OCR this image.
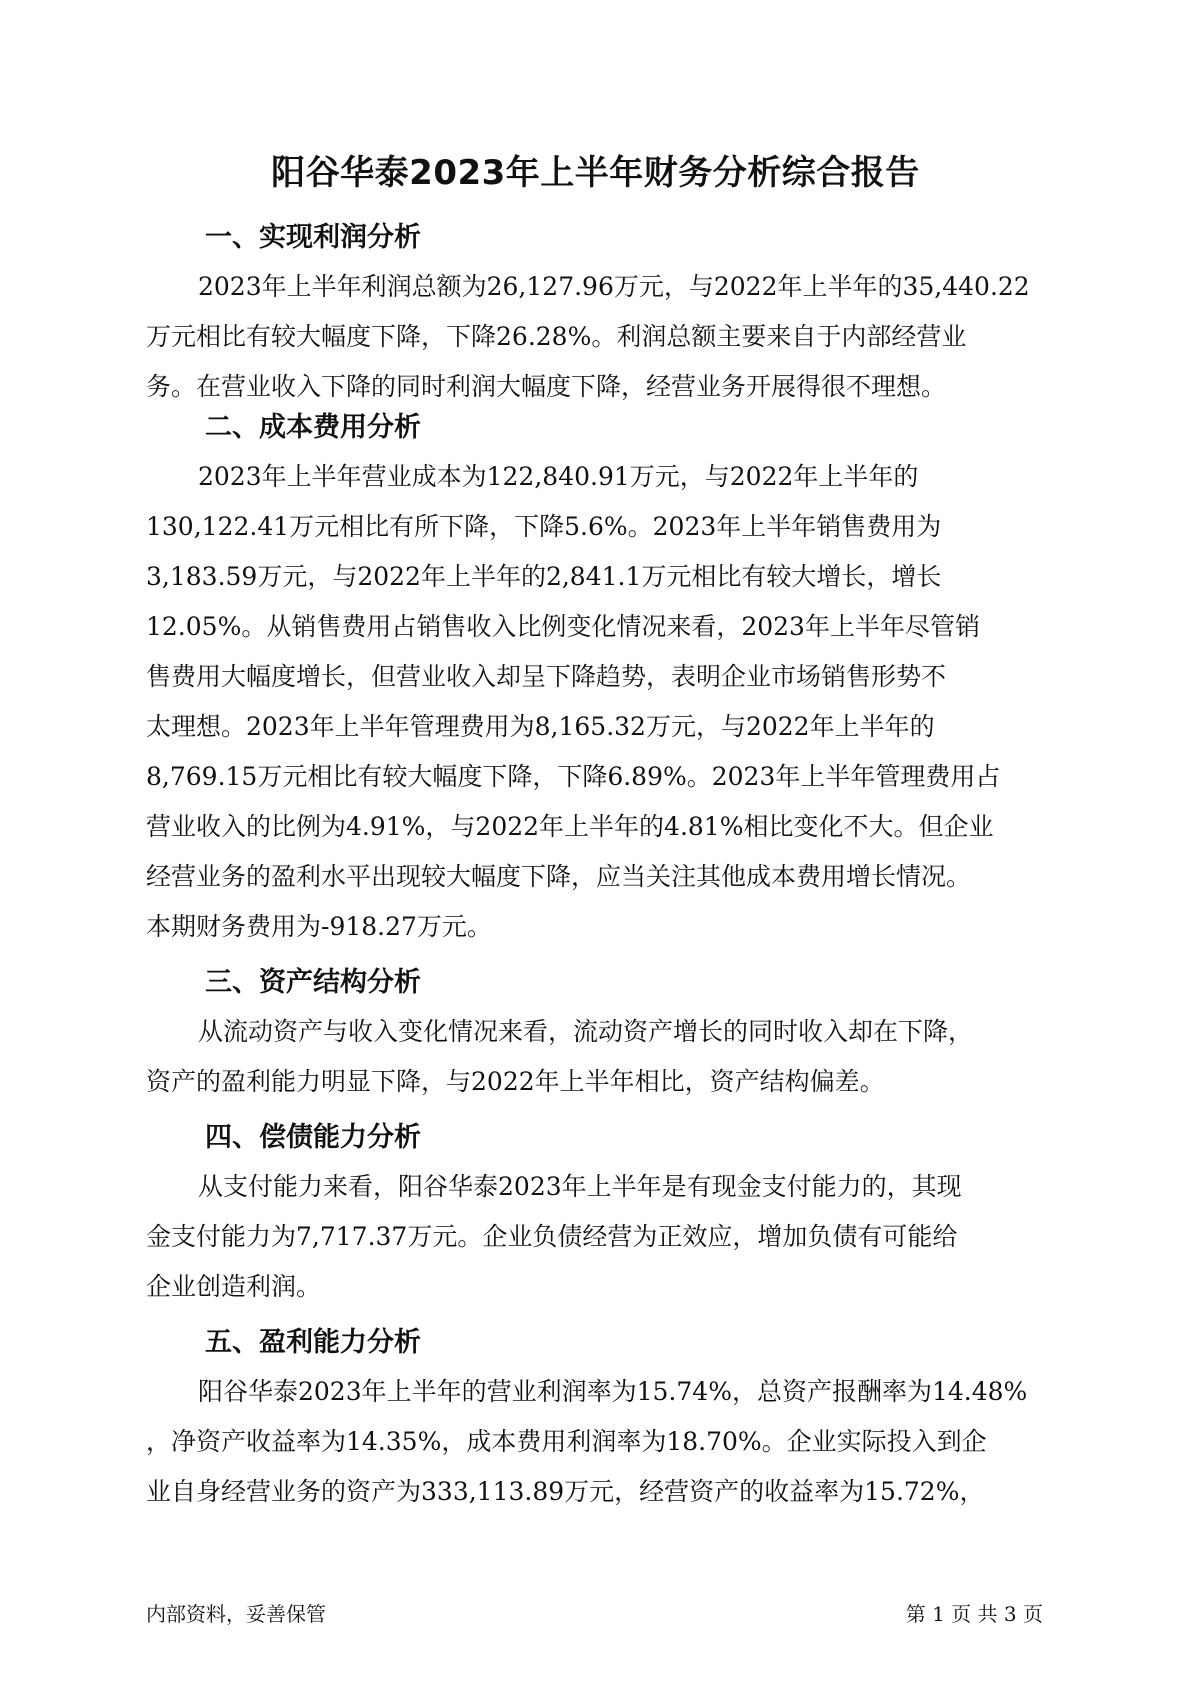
阳谷华泰2023年上半年财务分析综合报告
一、实现利润分析
2023年上半年利润总额为26,127.96万元，与2022年上半年的35,440.22
万元相比有较大幅度下降，下降26.28%。利润总额主要来自于内部经营业
务。在营业收入下降的同时利润大幅度下降，经营业务开展得很不理想。
二、成本费用分析
2023年上半年营业成本为122,840.91万元，与2022年上半年的
130,122.41万元相比有所下降，下降5.6%。2023年上半年销售费用为
3,183.59万元，与2022年上半年的2,841.1万元相比有较大增长，增长
12.05%。从销售费用占销售收入比例变化情况来看，2023年上半年尽管销
售费用大幅度增长，但营业收入却呈下降趋势，表明企业市场销售形势不
太理想。2023年上半年管理费用为8,165.32万元，与2022年上半年的
8,769.15万元相比有较大幅度下降，下降6.89%。2023年上半年管理费用占
营业收入的比例为4.91%，与2022年上半年的4.81%相比变化不大。但企业
经营业务的盈利水平出现较大幅度下降，应当关注其他成本费用增长情况。
本期财务费用为-918.27万元。
三、资产结构分析
从流动资产与收入变化情况来看，流动资产增长的同时收入却在下降，
资产的盈利能力明显下降，与2022年上半年相比，资产结构偏差。
四、偿债能力分析
从支付能力来看，阳谷华泰2023年上半年是有现金支付能力的，其现
金支付能力为7,717.37万元。企业负债经营为正效应，增加负债有可能给
企业创造利润。
五、盈利能力分析
阳谷华泰2023年上半年的营业利润率为15.74%，总资产报酬率为14.48%
，净资产收益率为14.35%，成本费用利润率为18.70%。企业实际投入到企
业自身经营业务的资产为333,113.89万元，经营资产的收益率为15.72%，
内部资料，妥善保管	第 1 页 共 3 页
